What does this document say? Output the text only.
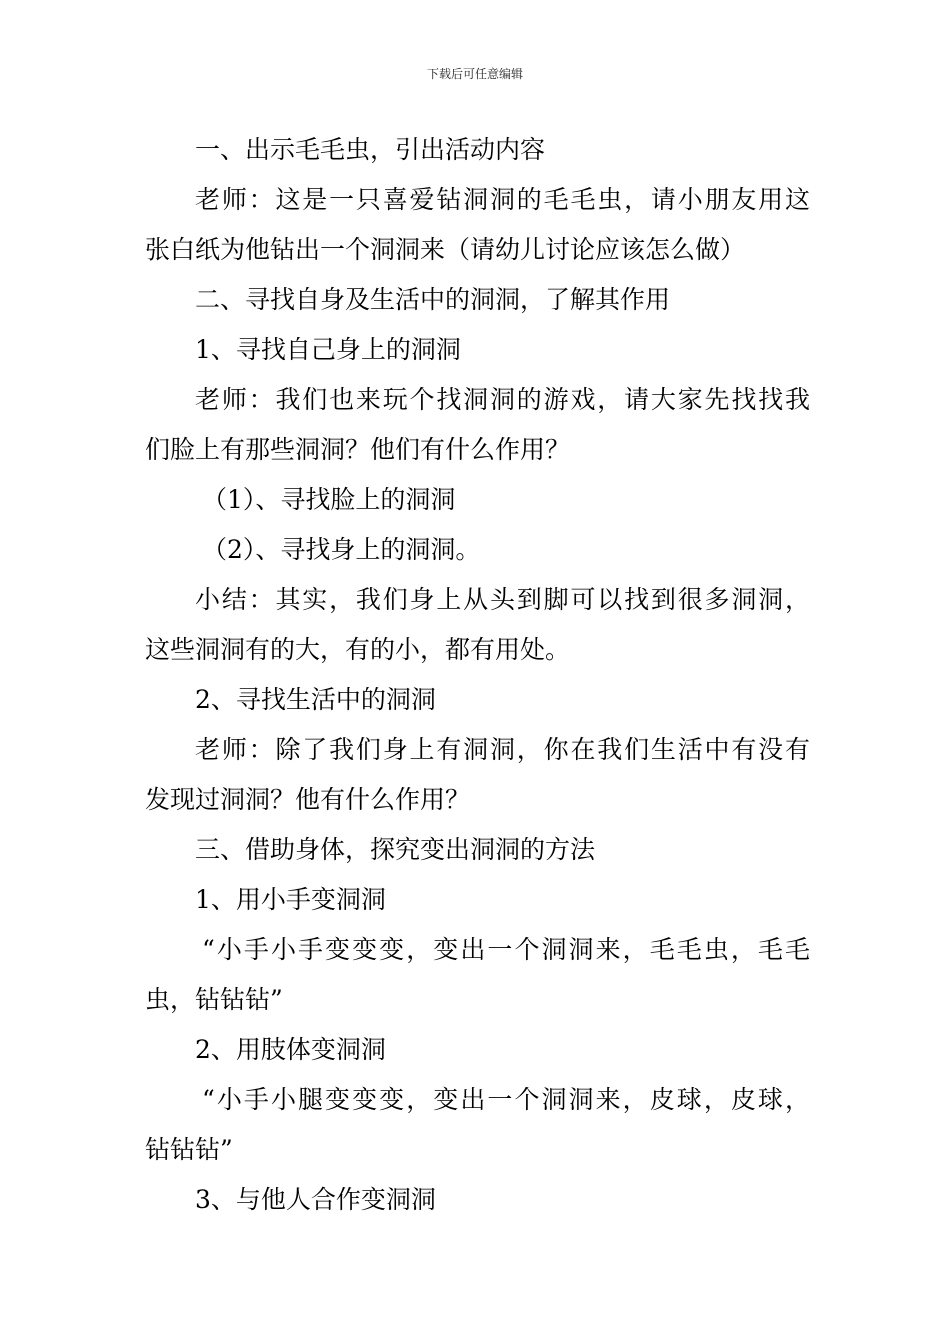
下载后可任意编辑
一、出示毛毛虫，引出活动内容
老师：这是一只喜爱钻洞洞的毛毛虫，请小朋友用这
张白纸为他钻出一个洞洞来（请幼儿讨论应该怎么做）
二、寻找自身及生活中的洞洞，了解其作用
1、寻找自己身上的洞洞
老师：我们也来玩个找洞洞的游戏，请大家先找找我
们脸上有那些洞洞？他们有什么作用？
（1）、寻找脸上的洞洞
（2）、寻找身上的洞洞。
小结：其实，我们身上从头到脚可以找到很多洞洞，
这些洞洞有的大，有的小，都有用处。
2、寻找生活中的洞洞
老师：除了我们身上有洞洞，你在我们生活中有没有
发现过洞洞？他有什么作用？
三、借助身体，探究变出洞洞的方法
1、用小手变洞洞
“小手小手变变变，变出一个洞洞来，毛毛虫，毛毛
虫，钻钻钻”
2、用肢体变洞洞
“小手小腿变变变，变出一个洞洞来，皮球，皮球，
钻钻钻”
3、与他人合作变洞洞
